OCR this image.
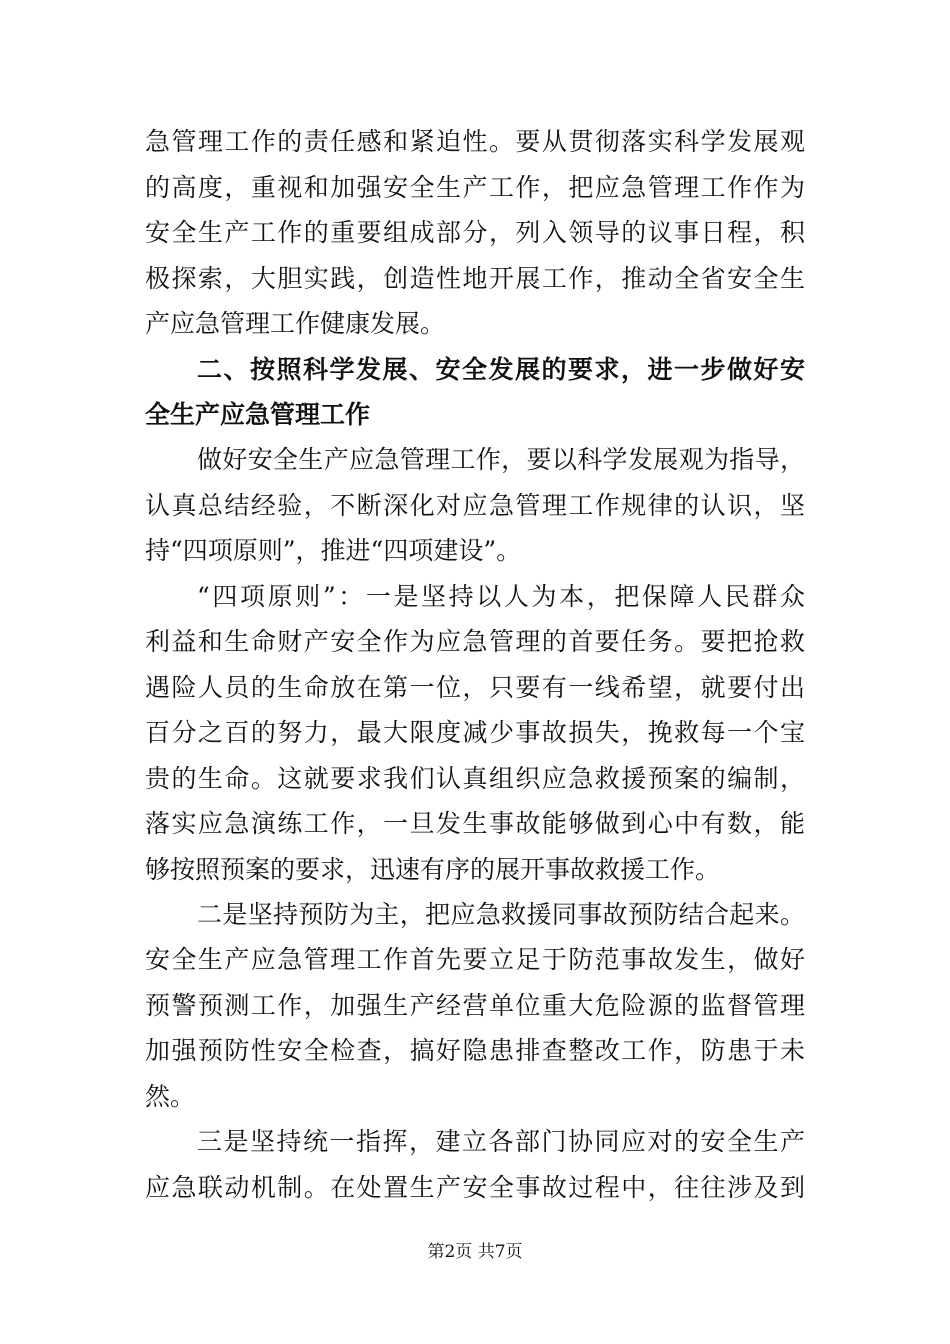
急管理工作的责任感和紧迫性。要从贯彻落实科学发展观
的高度，重视和加强安全生产工作，把应急管理工作作为
安全生产工作的重要组成部分，列入领导的议事日程，积
极探索，大胆实践，创造性地开展工作，推动全省安全生
产应急管理工作健康发展。
二、按照科学发展、安全发展的要求，进一步做好安
全生产应急管理工作
做好安全生产应急管理工作，要以科学发展观为指导，
认真总结经验，不断深化对应急管理工作规律的认识，坚
持“四项原则”，推进“四项建设”。
“四项原则”：一是坚持以人为本，把保障人民群众
利益和生命财产安全作为应急管理的首要任务。要把抢救
遇险人员的生命放在第一位，只要有一线希望，就要付出
百分之百的努力，最大限度减少事故损失，挽救每一个宝
贵的生命。这就要求我们认真组织应急救援预案的编制，
落实应急演练工作，一旦发生事故能够做到心中有数，能
够按照预案的要求，迅速有序的展开事故救援工作。
二是坚持预防为主，把应急救援同事故预防结合起来。
安全生产应急管理工作首先要立足于防范事故发生，做好
预警预测工作，加强生产经营单位重大危险源的监督管理
加强预防性安全检查，搞好隐患排查整改工作，防患于未
然。
三是坚持统一指挥，建立各部门协同应对的安全生产
应急联动机制。在处置生产安全事故过程中，往往涉及到
第2页 共7页
